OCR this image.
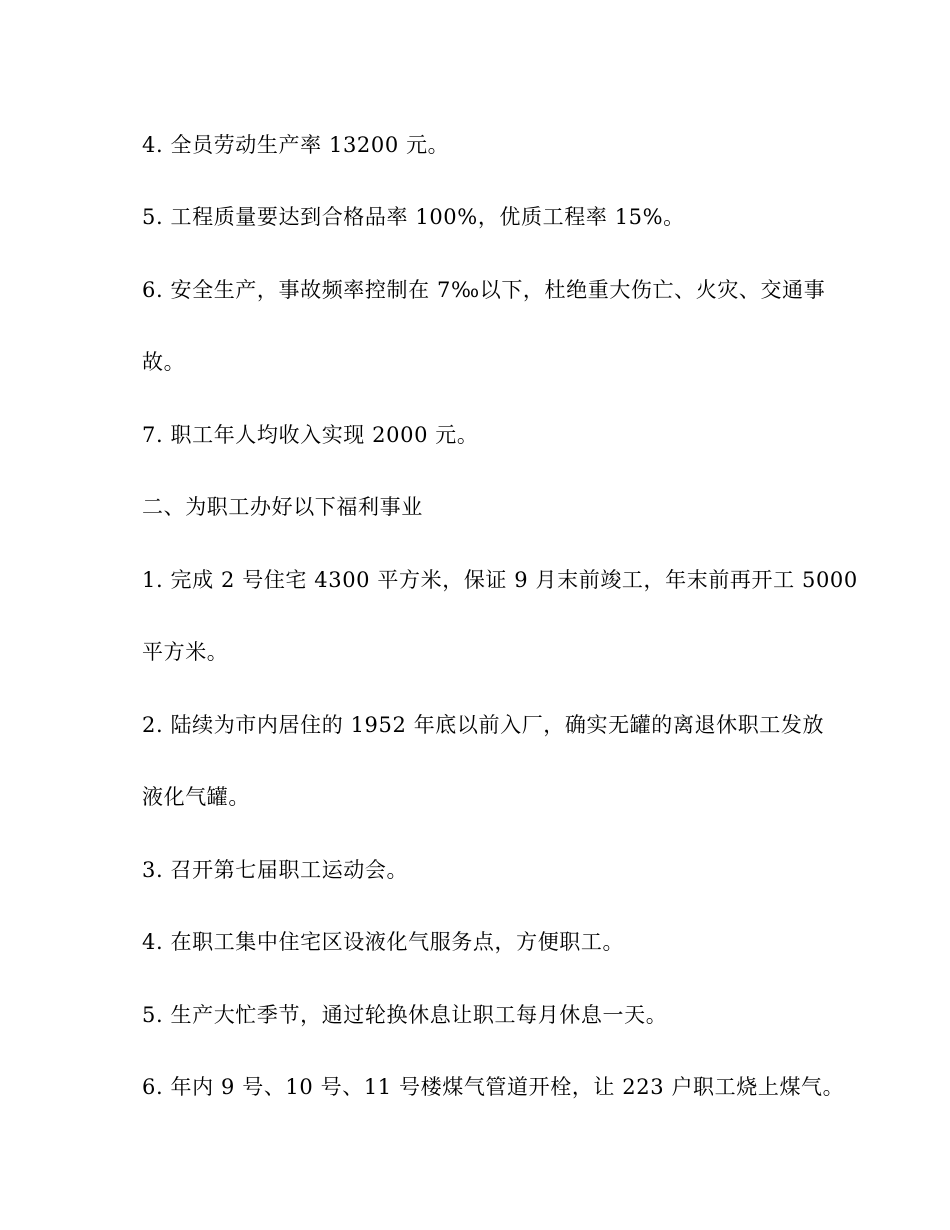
4. 全员劳动生产率 13200 元。
5. 工程质量要达到合格品率 100%，优质工程率 15%。
6. 安全生产，事故频率控制在 7‰以下，杜绝重大伤亡、火灾、交通事
故。
7. 职工年人均收入实现 2000 元。
二、为职工办好以下福利事业
1. 完成 2 号住宅 4300 平方米，保证 9 月末前竣工，年末前再开工 5000
平方米。
2. 陆续为市内居住的 1952 年底以前入厂，确实无罐的离退休职工发放
液化气罐。
3. 召开第七届职工运动会。
4. 在职工集中住宅区设液化气服务点，方便职工。
5. 生产大忙季节，通过轮换休息让职工每月休息一天。
6. 年内 9 号、10 号、11 号楼煤气管道开栓，让 223 户职工烧上煤气。
